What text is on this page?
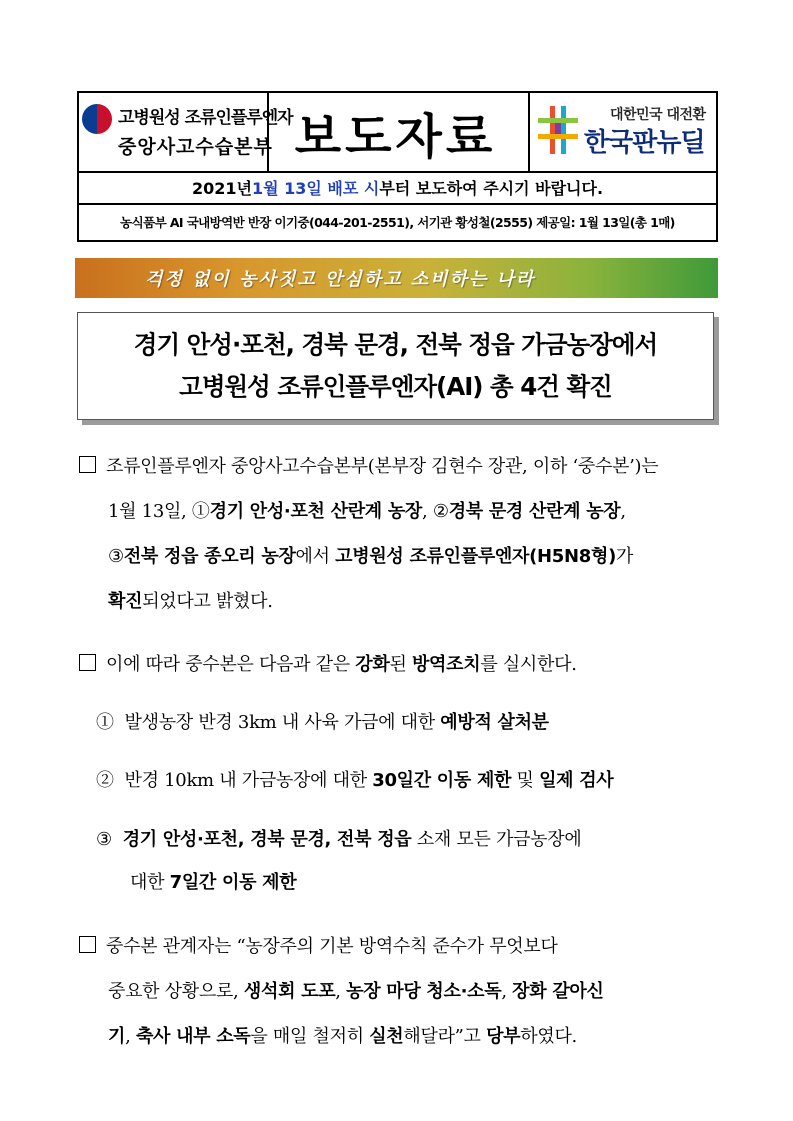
고병원성 조류인플루엔자
중앙사고수습본부 보도자료	대한민국 대전환
한국판뉴딜
2021년 1월 13일 배포 시 부터 보도하여 주시기 바랍니다.
농식품부 AI 국내방역반 반장 이기중(044-201-2551), 서기관 황성철(2555) 제공일: 1월 13일(총 1매)
걱정 없이 농사짓고 안심하고 소비하는 나라
경기 안성·포천, 경북 문경, 전북 정읍 가금농장에서
고병원성 조류인플루엔자(AI) 총 4건 확진
조류인플루엔자 중앙사고수습본부(본부장 김현수 장관, 이하 ‘중수본’)는
1월 13일, ①경기 안성·포천 산란계 농장, ②경북 문경 산란계 농장,
③전북 정읍 종오리 농장에서 고병원성 조류인플루엔자(H5N8형)가
확진되었다고 밝혔다.
이에 따라 중수본은 다음과 같은 강화된 방역조치를 실시한다.
① 발생농장 반경 3km 내 사육 가금에 대한 예방적 살처분
② 반경 10km 내 가금농장에 대한 30일간 이동 제한 및 일제 검사
③ 경기 안성·포천, 경북 문경, 전북 정읍 소재 모든 가금농장에
대한 7일간 이동 제한
중수본 관계자는 “농장주의 기본 방역수칙 준수가 무엇보다
중요한 상황으로, 생석회 도포, 농장 마당 청소·소독, 장화 갈아신
기, 축사 내부 소독을 매일 철저히 실천해달라”고 당부하였다.
